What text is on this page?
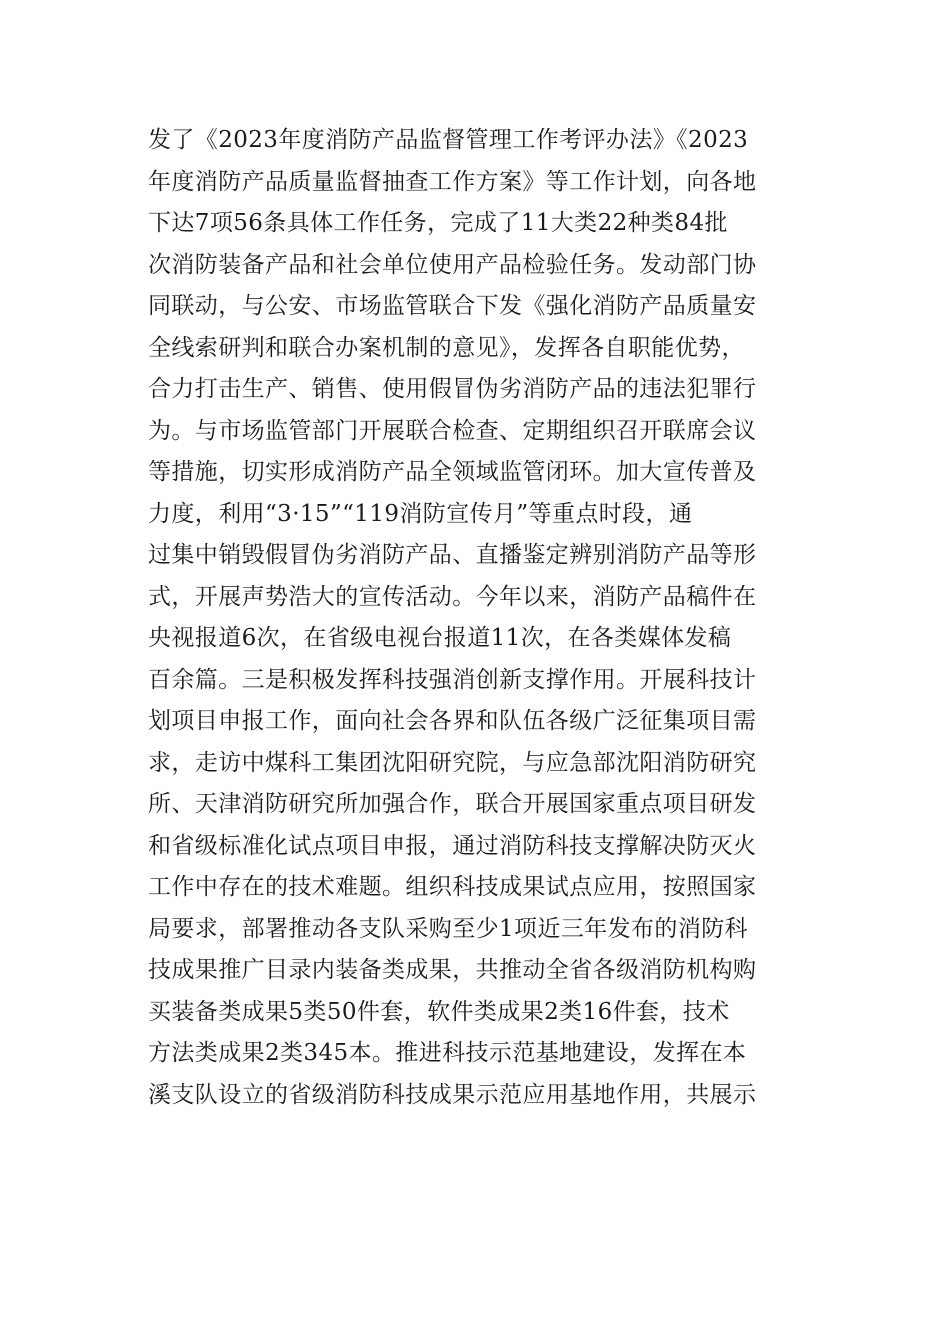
发了《2023年度消防产品监督管理工作考评办法》《2023
年度消防产品质量监督抽查工作方案》等工作计划，向各地
下达7项56条具体工作任务，完成了11大类22种类84批
次消防装备产品和社会单位使用产品检验任务。发动部门协
同联动，与公安、市场监管联合下发《强化消防产品质量安
全线索研判和联合办案机制的意见》，发挥各自职能优势，
合力打击生产、销售、使用假冒伪劣消防产品的违法犯罪行
为。与市场监管部门开展联合检查、定期组织召开联席会议
等措施，切实形成消防产品全领域监管闭环。加大宣传普及
力度，利用“3·15”“119消防宣传月”等重点时段，通
过集中销毁假冒伪劣消防产品、直播鉴定辨别消防产品等形
式，开展声势浩大的宣传活动。今年以来，消防产品稿件在
央视报道6次，在省级电视台报道11次，在各类媒体发稿
百余篇。三是积极发挥科技强消创新支撑作用。开展科技计
划项目申报工作，面向社会各界和队伍各级广泛征集项目需
求，走访中煤科工集团沈阳研究院，与应急部沈阳消防研究
所、天津消防研究所加强合作，联合开展国家重点项目研发
和省级标准化试点项目申报，通过消防科技支撑解决防灭火
工作中存在的技术难题。组织科技成果试点应用，按照国家
局要求，部署推动各支队采购至少1项近三年发布的消防科
技成果推广目录内装备类成果，共推动全省各级消防机构购
买装备类成果5类50件套，软件类成果2类16件套，技术
方法类成果2类345本。推进科技示范基地建设，发挥在本
溪支队设立的省级消防科技成果示范应用基地作用，共展示
